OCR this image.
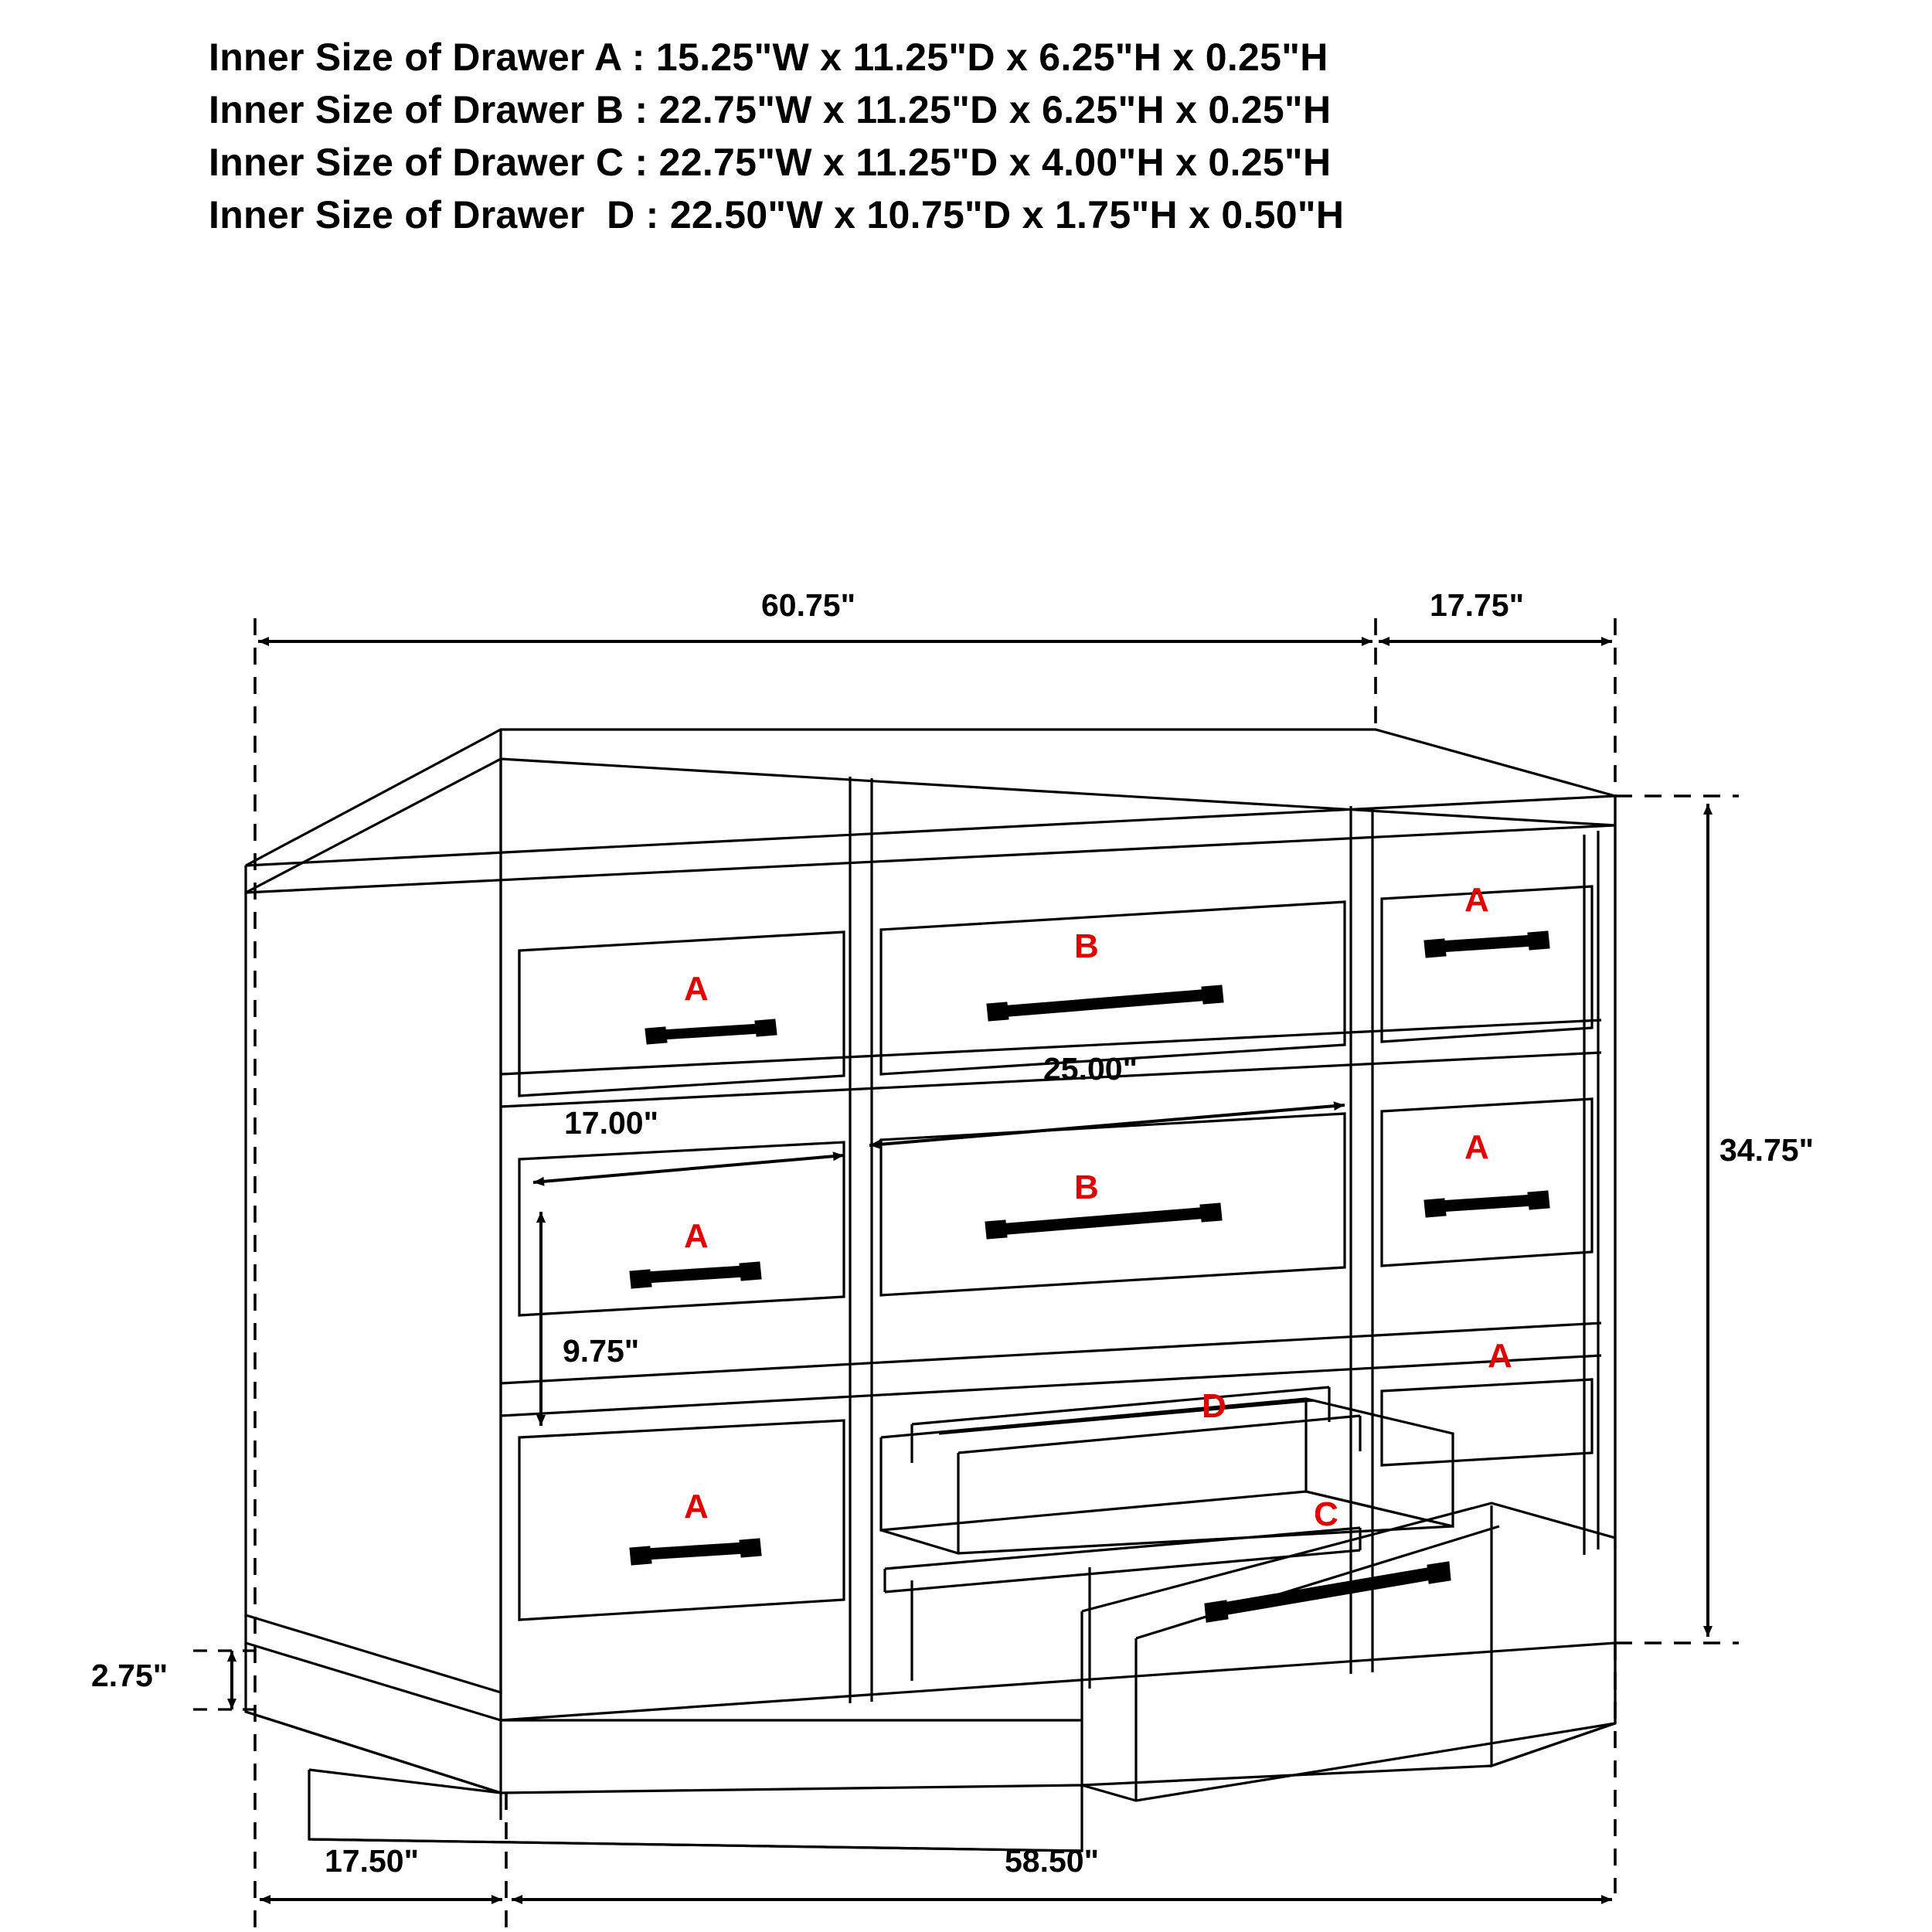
Inner Size of Drawer A : 15.25"W x 11.25"D x 6.25"H x 0.25"H
Inner Size of Drawer B : 22.75"W x 11.25"D x 6.25"H x 0.25"H
Inner Size of Drawer C : 22.75"W x 11.25"D x 4.00"H x 0.25"H
Inner Size of Drawer  D : 22.50"W x 10.75"D x 1.75"H x 0.50"H
60.75"	17.75"
34.75"
17.00"
25.00"
9.75"
2.75"
17.50"	58.50"
A
B
A
A
B
A
A
A
D
C
